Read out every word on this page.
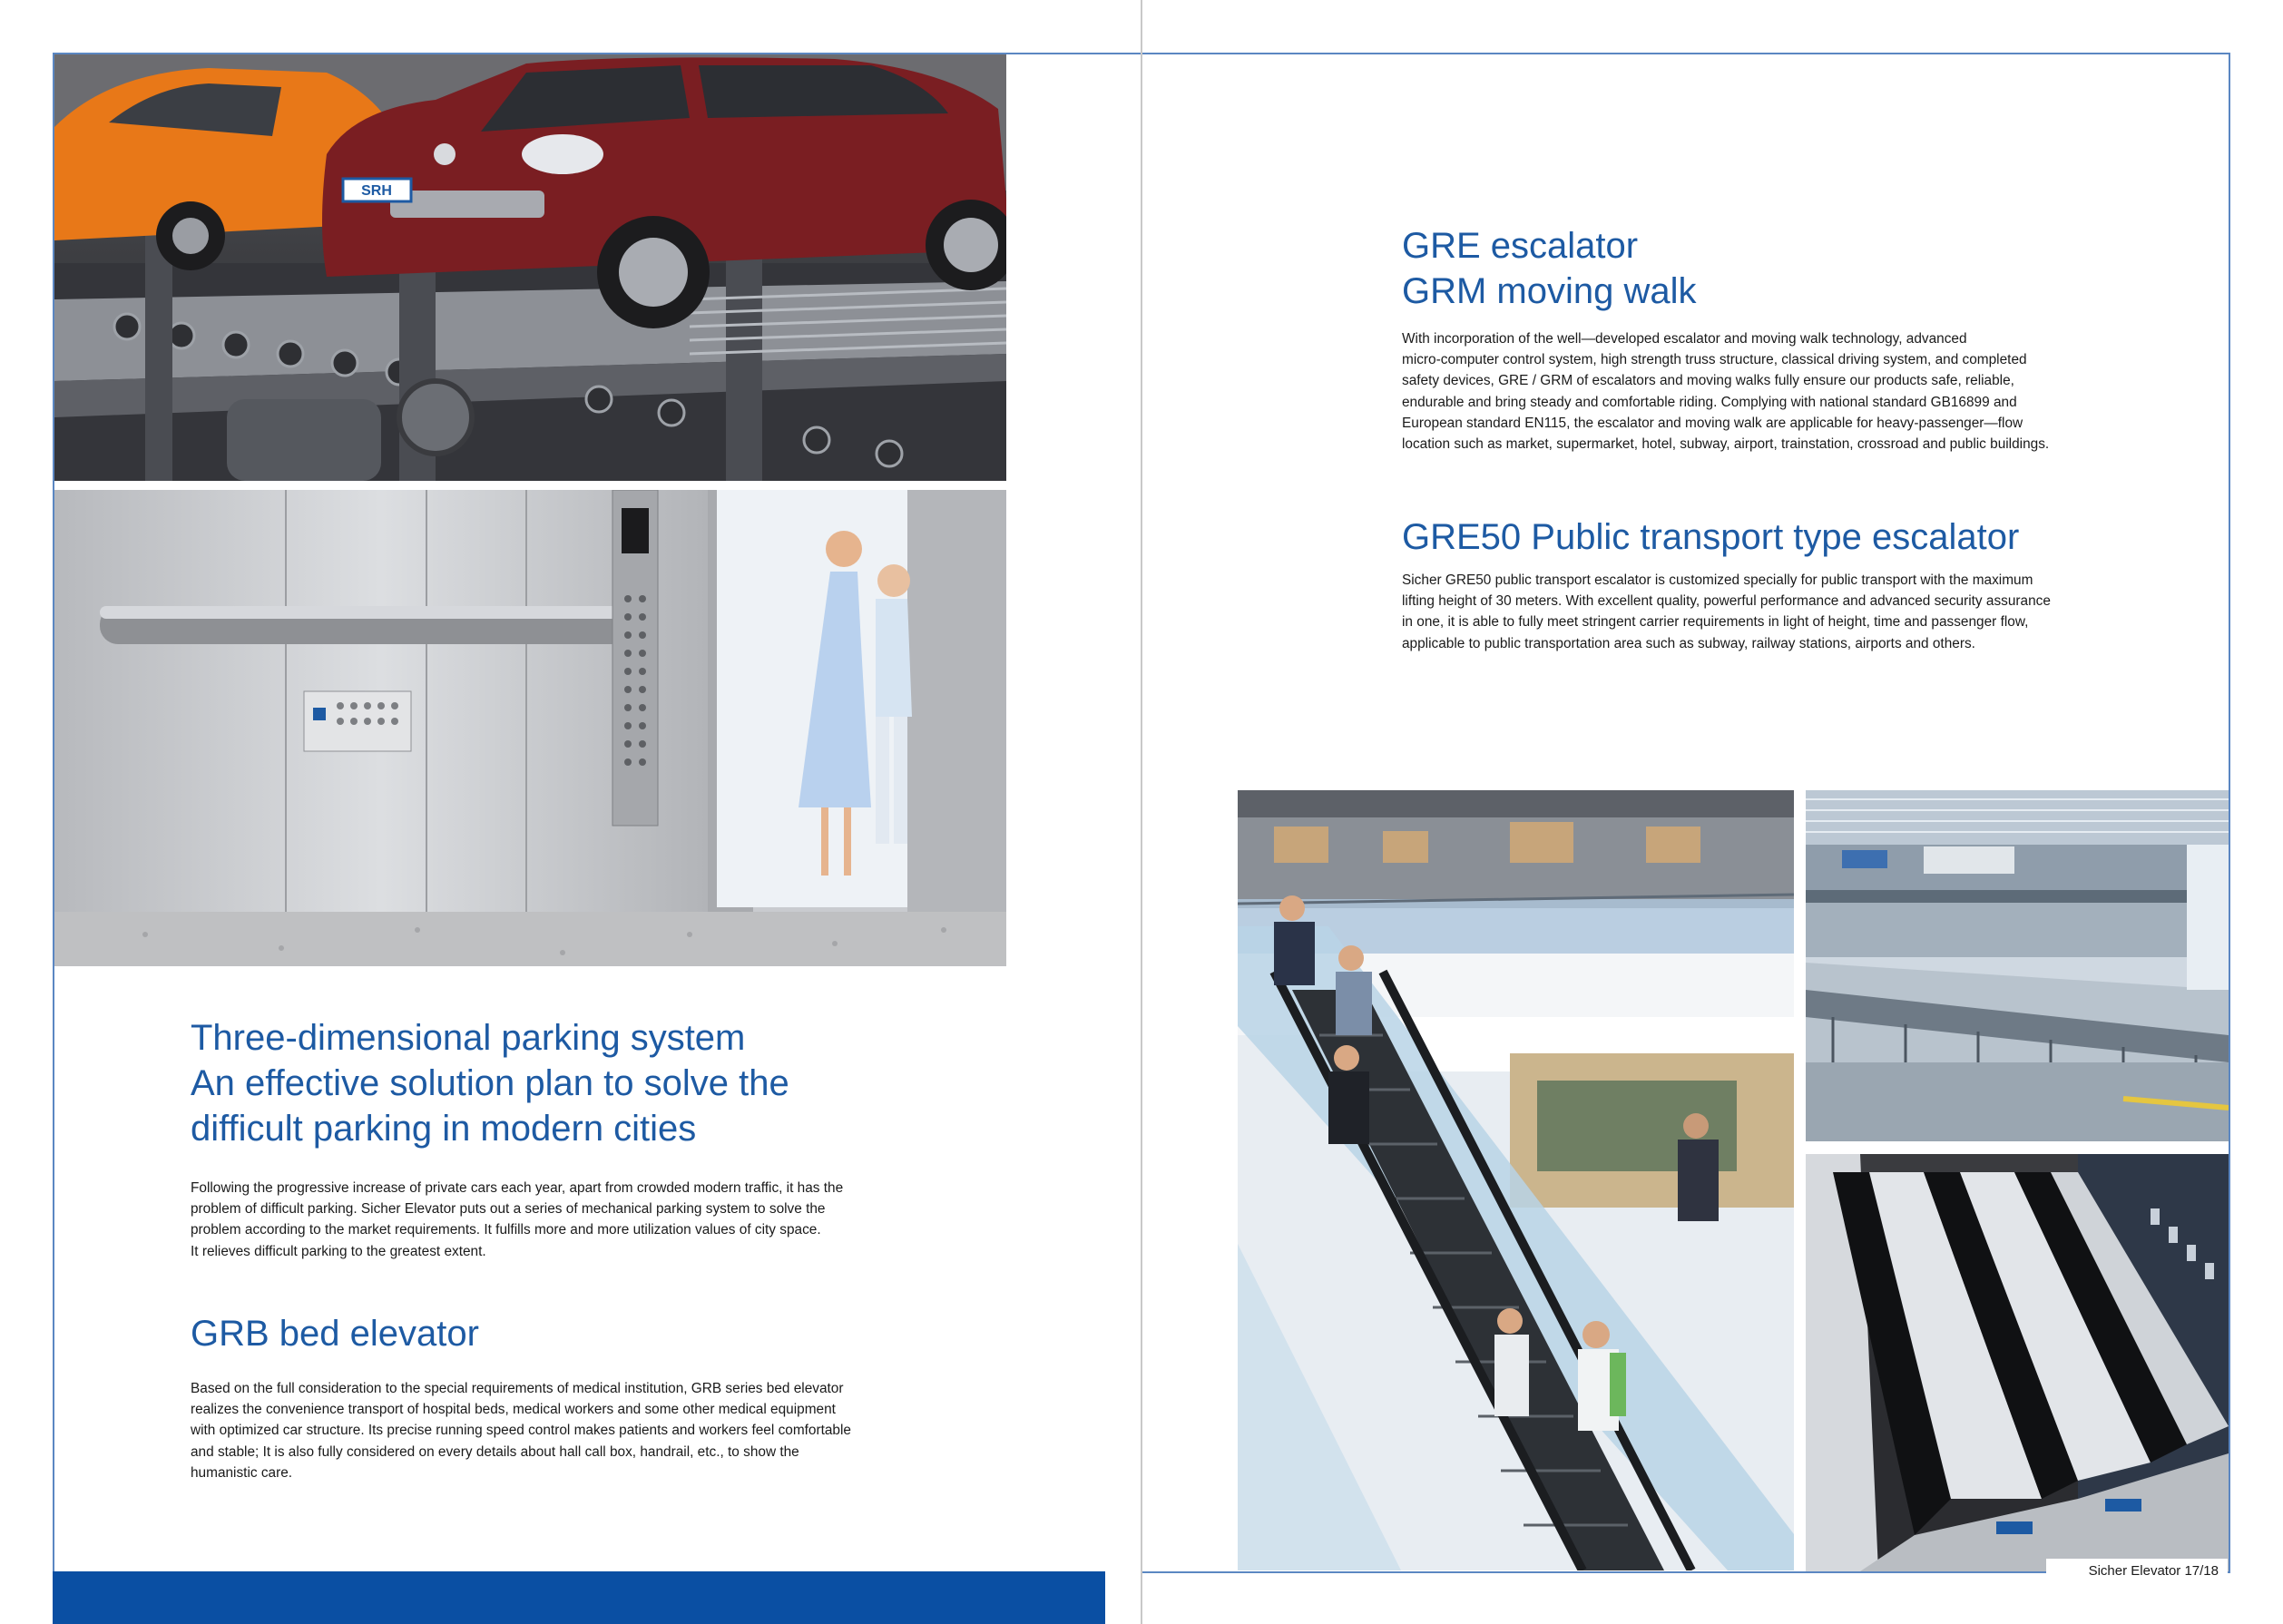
SRH
Three-dimensional parking system
An effective solution plan to solve the
difficult parking in modern cities
Following the progressive increase of private cars each year, apart from crowded modern traffic, it has the
problem of difficult parking. Sicher Elevator puts out a series of mechanical parking system to solve the
problem according to the market requirements. It fulfills more and more utilization values of city space.
It relieves difficult parking to the greatest extent.
GRB bed elevator
Based on the full consideration to the special requirements of medical institution, GRB series bed elevator
realizes the convenience transport of hospital beds, medical workers and some other medical equipment
with optimized car structure. Its precise running speed control makes patients and workers feel comfortable
and stable; It is also fully considered on every details about hall call box, handrail, etc., to show the
humanistic care.
GRE escalator
GRM moving walk
With incorporation of the well—developed escalator and moving walk technology, advanced
micro-computer control system, high strength truss structure, classical driving system, and completed
safety devices, GRE / GRM of escalators and moving walks fully ensure our products safe, reliable,
endurable and bring steady and comfortable riding. Complying with national standard GB16899 and
European standard EN115, the escalator and moving walk are applicable for heavy-passenger—flow
location such as market, supermarket, hotel, subway, airport, trainstation, crossroad and public buildings.
GRE50 Public transport type escalator
Sicher GRE50 public transport escalator is customized specially for public transport with the maximum
lifting height of 30 meters. With excellent quality, powerful performance and advanced security assurance
in one, it is able to fully meet stringent carrier requirements in light of height, time and passenger flow,
applicable to public transportation area such as subway, railway stations, airports and others.
Sicher Elevator 17/18
